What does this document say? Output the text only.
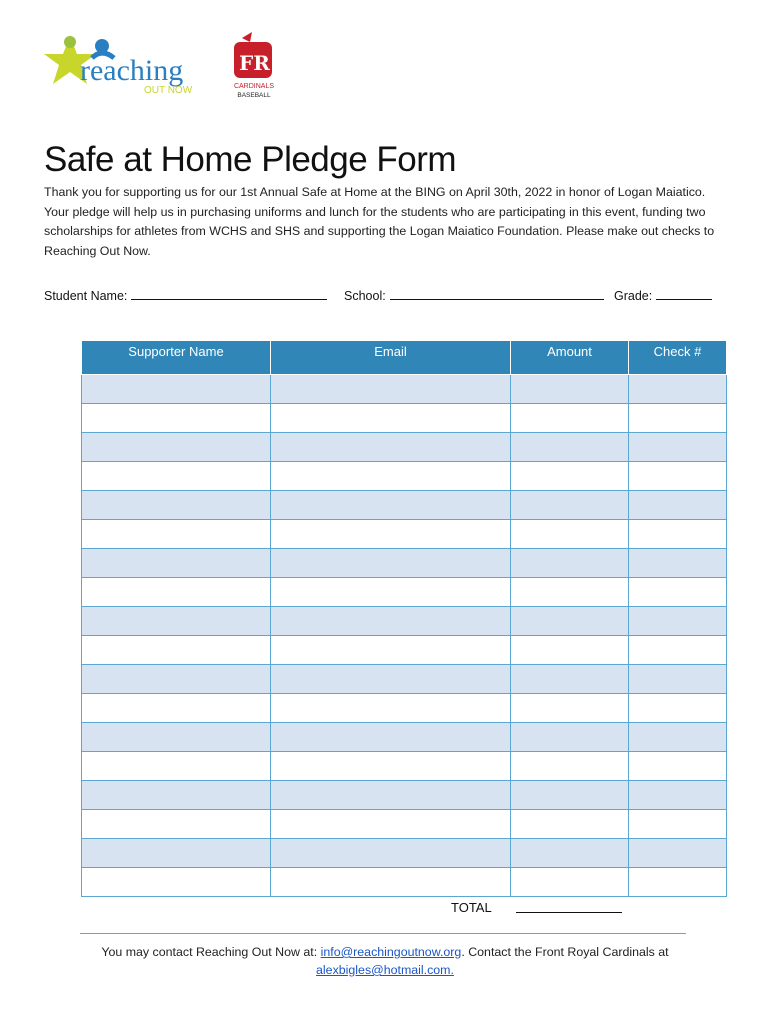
reaching
OUT NOW
FR
CARDINALS
BASEBALL
Safe at Home Pledge Form

Thank you for supporting us for our 1st Annual Safe at Home at the BING on April 30th, 2022 in honor of Logan Maiatico. Your pledge will help us in purchasing uniforms and lunch for the students who are participating in this event, funding two scholarships for athletes from WCHS and SHS and supporting the Logan Maiatico Foundation. Please make out checks to Reaching Out Now.

Student Name:	School:	Grade:
Supporter Name	Email	Amount	Check #

TOTAL

You may contact Reaching Out Now at: info@reachingoutnow.org. Contact the Front Royal Cardinals at
alexbigles@hotmail.com.
